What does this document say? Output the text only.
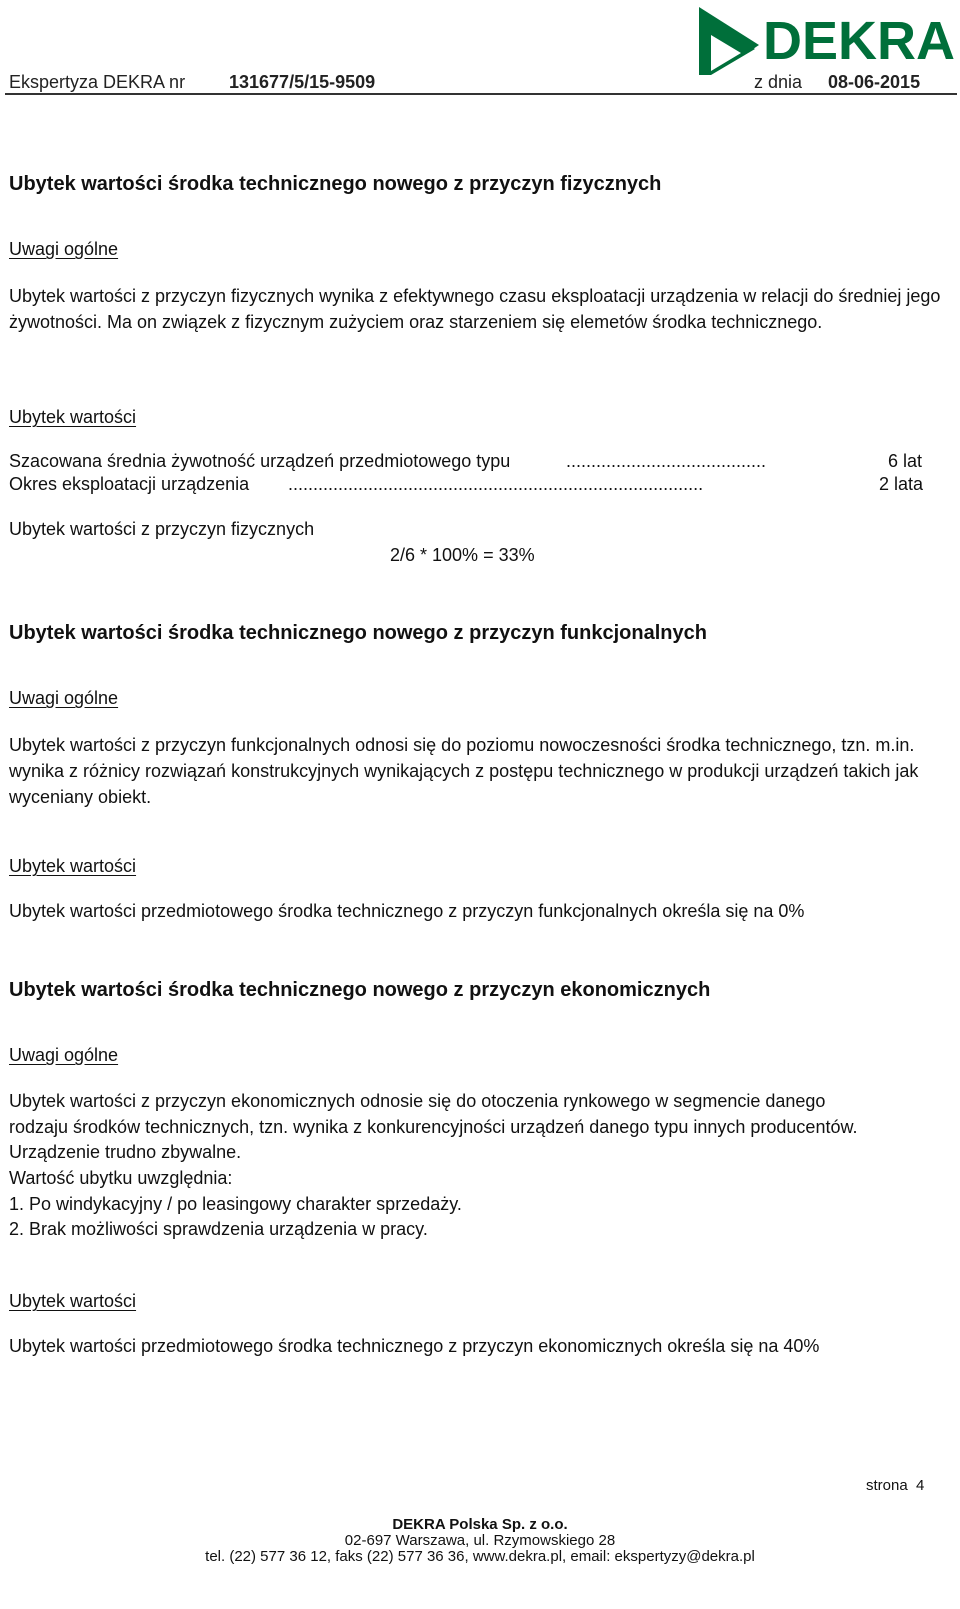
Ekspertyza DEKRA nr 131677/5/15-9509	z dnia 08-06-2015
DEKRA
Ubytek wartości środka technicznego nowego z przyczyn fizycznych
Uwagi ogólne
Ubytek wartości z przyczyn fizycznych wynika z efektywnego czasu eksploatacji urządzenia w relacji do średniej jego żywotności. Ma on związek z fizycznym zużyciem oraz starzeniem się elemetów środka technicznego.
Ubytek wartości
Szacowana średnia żywotność urządzeń przedmiotowego typu	........................................	6 lat
Okres eksploatacji urządzenia ...................................................................................	2 lata
Ubytek wartości z przyczyn fizycznych
2/6 * 100% = 33%
Ubytek wartości środka technicznego nowego z przyczyn funkcjonalnych
Uwagi ogólne
Ubytek wartości z przyczyn funkcjonalnych odnosi się do poziomu nowoczesności środka technicznego, tzn. m.in. wynika z różnicy rozwiązań konstrukcyjnych wynikających z postępu technicznego w produkcji urządzeń takich jak wyceniany obiekt.
Ubytek wartości
Ubytek wartości przedmiotowego środka technicznego z przyczyn funkcjonalnych określa się na 0%
Ubytek wartości środka technicznego nowego z przyczyn ekonomicznych
Uwagi ogólne
Ubytek wartości z przyczyn ekonomicznych odnosie się do otoczenia rynkowego w segmencie danego
rodzaju środków technicznych, tzn. wynika z konkurencyjności urządzeń danego typu innych producentów.
Urządzenie trudno zbywalne.
Wartość ubytku uwzględnia:
1. Po windykacyjny / po leasingowy charakter sprzedaży.
2. Brak możliwości sprawdzenia urządzenia w pracy.
Ubytek wartości
Ubytek wartości przedmiotowego środka technicznego z przyczyn ekonomicznych określa się na 40%
strona 4
DEKRA Polska Sp. z o.o.
02-697 Warszawa, ul. Rzymowskiego 28
tel. (22) 577 36 12, faks (22) 577 36 36, www.dekra.pl, email: ekspertyzy@dekra.pl
